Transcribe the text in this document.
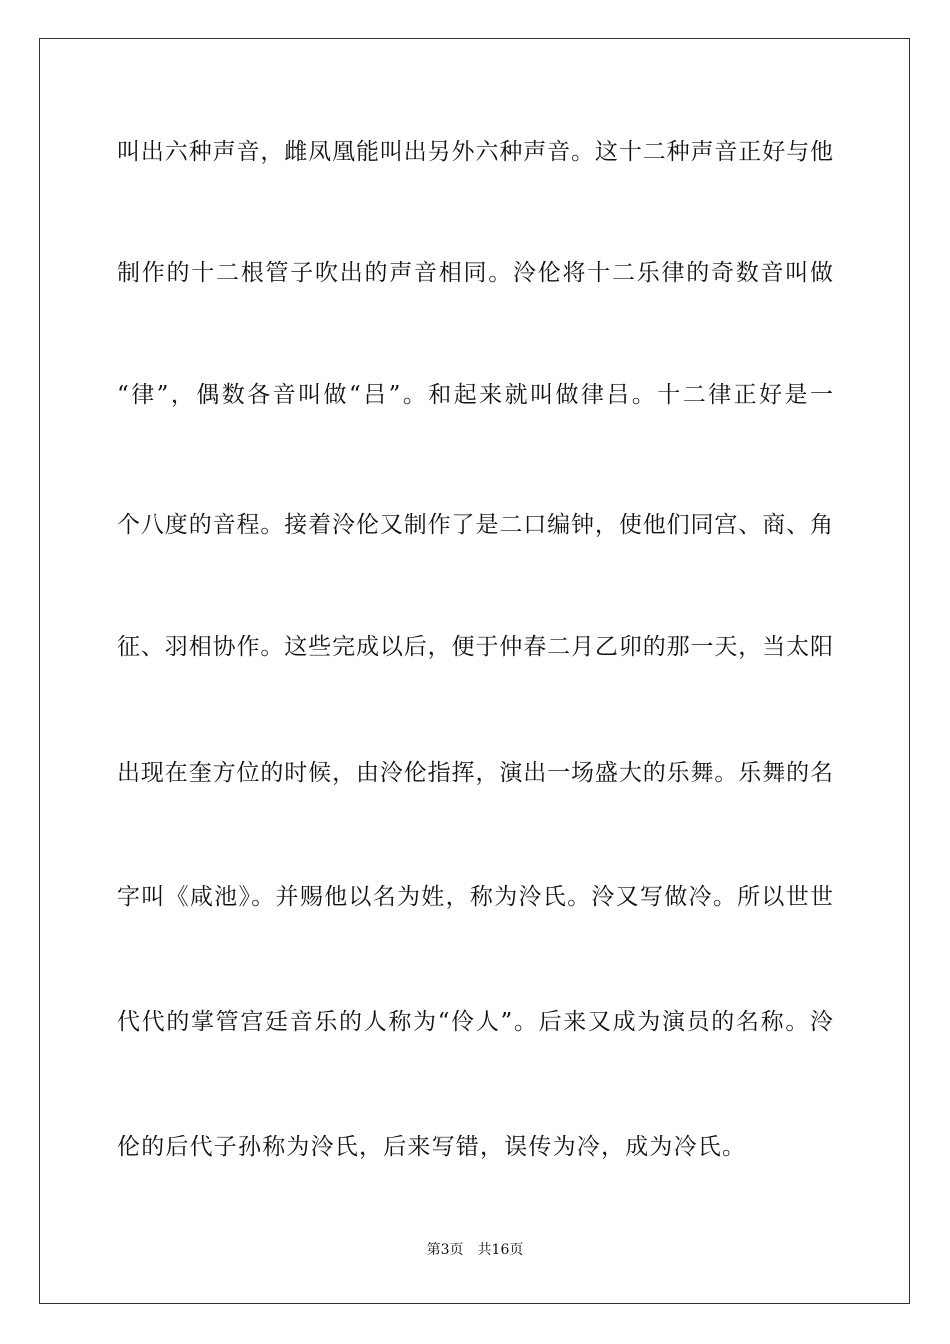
叫出六种声音，雌凤凰能叫出另外六种声音。这十二种声音正好与他
制作的十二根管子吹出的声音相同。泠伦将十二乐律的奇数音叫做
“律”，偶数各音叫做“吕”。和起来就叫做律吕。十二律正好是一
个八度的音程。接着泠伦又制作了是二口编钟，使他们同宫、商、角
征、羽相协作。这些完成以后，便于仲春二月乙卯的那一天，当太阳
出现在奎方位的时候，由泠伦指挥，演出一场盛大的乐舞。乐舞的名
字叫《咸池》。并赐他以名为姓，称为泠氏。泠又写做冷。所以世世
代代的掌管宫廷音乐的人称为“伶人”。后来又成为演员的名称。泠
伦的后代子孙称为泠氏，后来写错，误传为冷，成为冷氏。
第3页 共16页
